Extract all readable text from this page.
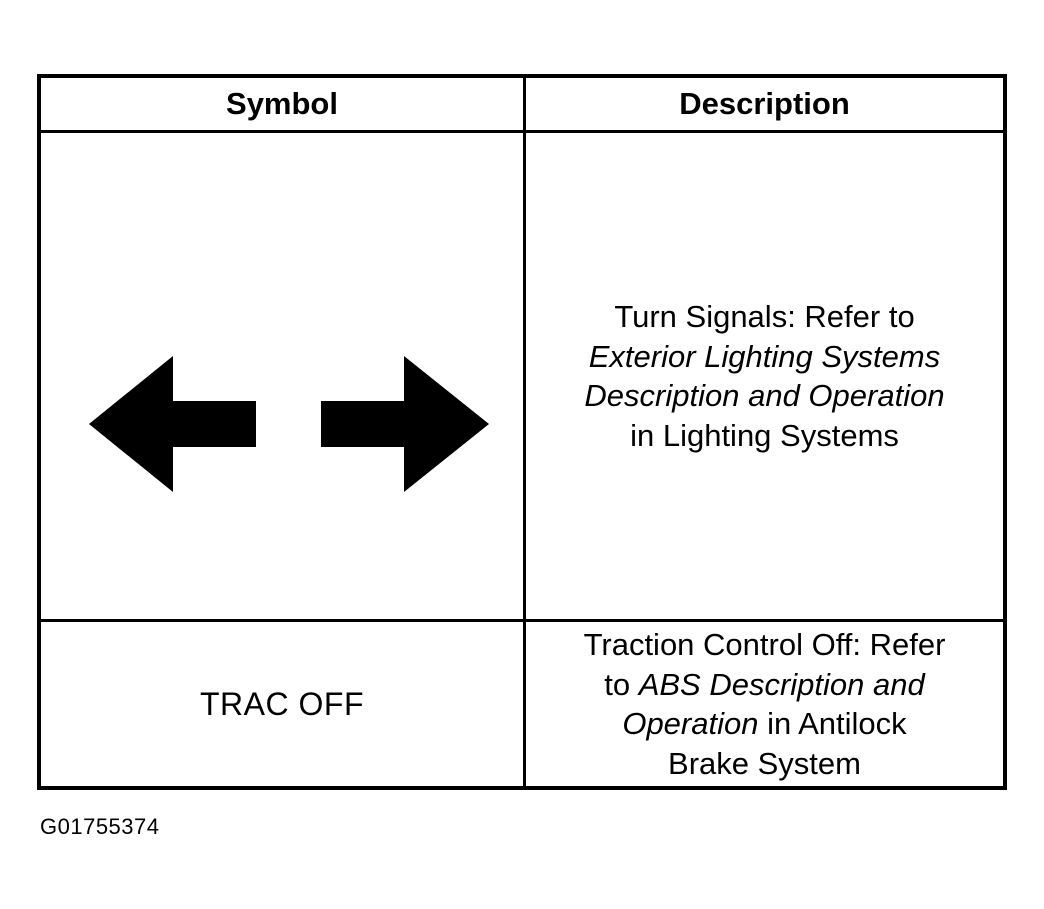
Symbol	Description
Turn Signals: Refer to
Exterior Lighting Systems
Description and Operation
in Lighting Systems
TRAC OFF
Traction Control Off: Refer
to ABS Description and
Operation in Antilock
Brake System
G01755374
